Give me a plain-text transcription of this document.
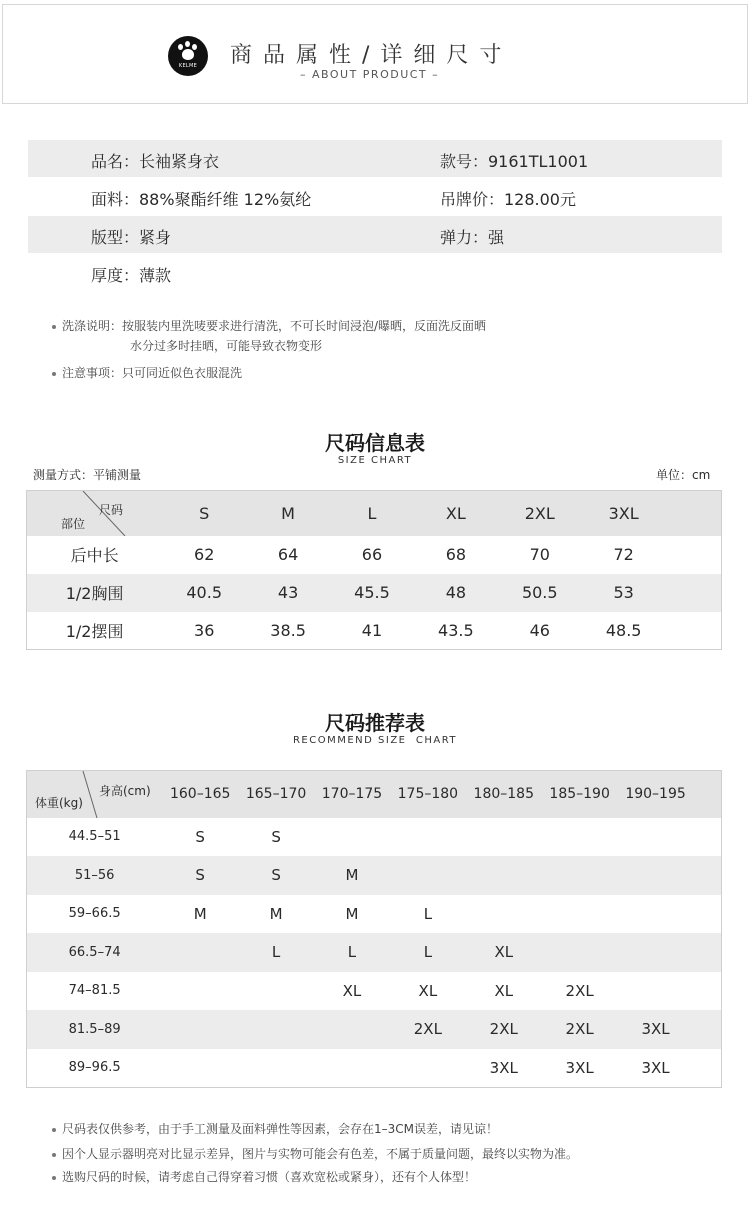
KELME	商品属性/详细尺寸
– ABOUT PRODUCT –
品名：长袖紧身衣	款号：9161TL1001
面料：88%聚酯纤维 12%氨纶	吊牌价：128.00元
版型：紧身	弹力：强
厚度：薄款
洗涤说明：按服装内里洗唛要求进行清洗，不可长时间浸泡/曝晒，反面洗反面晒
水分过多时挂晒，可能导致衣物变形
注意事项：只可同近似色衣服混洗
尺码信息表
SIZE CHART
测量方式：平铺测量	单位：cm
尺码
部位	S	M	L	XL	2XL	3XL	
后中长	62	64	66	68	70	72	
1/2胸围	40.5	43	45.5	48	50.5	53	
1/2摆围	36	38.5	41	43.5	46	48.5	
尺码推荐表
RECOMMEND SIZE  CHART
身高(cm)
体重(kg)	160–165	165–170	170–175	175–180	180–185	185–190	190–195	
44.5–51	S	S						
51–56	S	S	M					
59–66.5	M	M	M	L				
66.5–74		L	L	L	XL			
74–81.5			XL	XL	XL	2XL		
81.5–89				2XL	2XL	2XL	3XL	
89–96.5					3XL	3XL	3XL	
尺码表仅供参考，由于手工测量及面料弹性等因素，会存在1–3CM误差，请见谅！
因个人显示器明亮对比显示差异，图片与实物可能会有色差，不属于质量问题，最终以实物为准。
选购尺码的时候，请考虑自己得穿着习惯（喜欢宽松或紧身），还有个人体型！
